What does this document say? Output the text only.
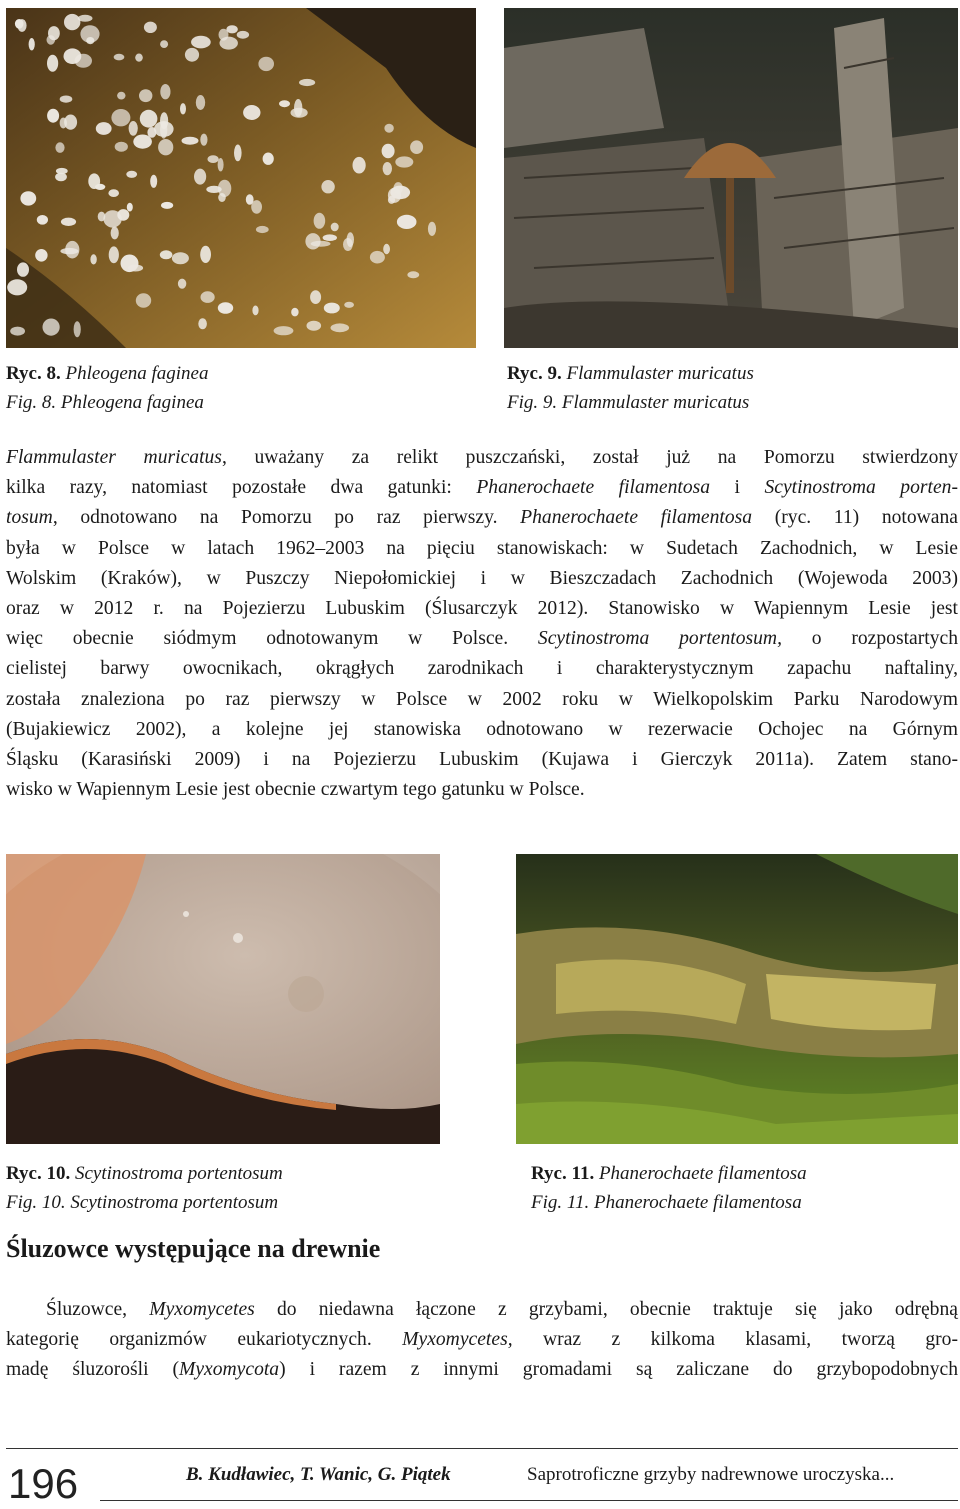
Ryc. 8. Phleogena faginea
Fig. 8. Phleogena faginea
Ryc. 9. Flammulaster muricatus
Fig. 9. Flammulaster muricatus
Flammulaster muricatus, uważany za relikt puszczański, został już na Pomorzu stwierdzony
kilka razy, natomiast pozostałe dwa gatunki: Phanerochaete filamentosa i Scytinostroma porten-
tosum, odnotowano na Pomorzu po raz pierwszy. Phanerochaete filamentosa (ryc. 11) notowana
była w Polsce w latach 1962–2003 na pięciu stanowiskach: w Sudetach Zachodnich, w Lesie
Wolskim (Kraków), w Puszczy Niepołomickiej i w Bieszczadach Zachodnich (Wojewoda 2003)
oraz w 2012 r. na Pojezierzu Lubuskim (Ślusarczyk 2012). Stanowisko w Wapiennym Lesie jest
więc obecnie siódmym odnotowanym w Polsce. Scytinostroma portentosum, o rozpostartych
cielistej barwy owocnikach, okrągłych zarodnikach i charakterystycznym zapachu naftaliny,
została znaleziona po raz pierwszy w Polsce w 2002 roku w Wielkopolskim Parku Narodowym
(Bujakiewicz 2002), a kolejne jej stanowiska odnotowano w rezerwacie Ochojec na Górnym
Śląsku (Karasiński 2009) i na Pojezierzu Lubuskim (Kujawa i Gierczyk 2011a). Zatem stano-
wisko w Wapiennym Lesie jest obecnie czwartym tego gatunku w Polsce.
Ryc. 10. Scytinostroma portentosum
Fig. 10. Scytinostroma portentosum
Ryc. 11. Phanerochaete filamentosa
Fig. 11. Phanerochaete filamentosa
Śluzowce występujące na drewnie
Śluzowce, Myxomycetes do niedawna łączone z grzybami, obecnie traktuje się jako odrębną
kategorię organizmów eukariotycznych. Myxomycetes, wraz z kilkoma klasami, tworzą gro-
madę śluzorośli (Myxomycota) i razem z innymi gromadami są zaliczane do grzybopodobnych
196	B. Kudławiec, T. Wanic, G. Piątek	Saprotroficzne grzyby nadrewnowe uroczyska...
